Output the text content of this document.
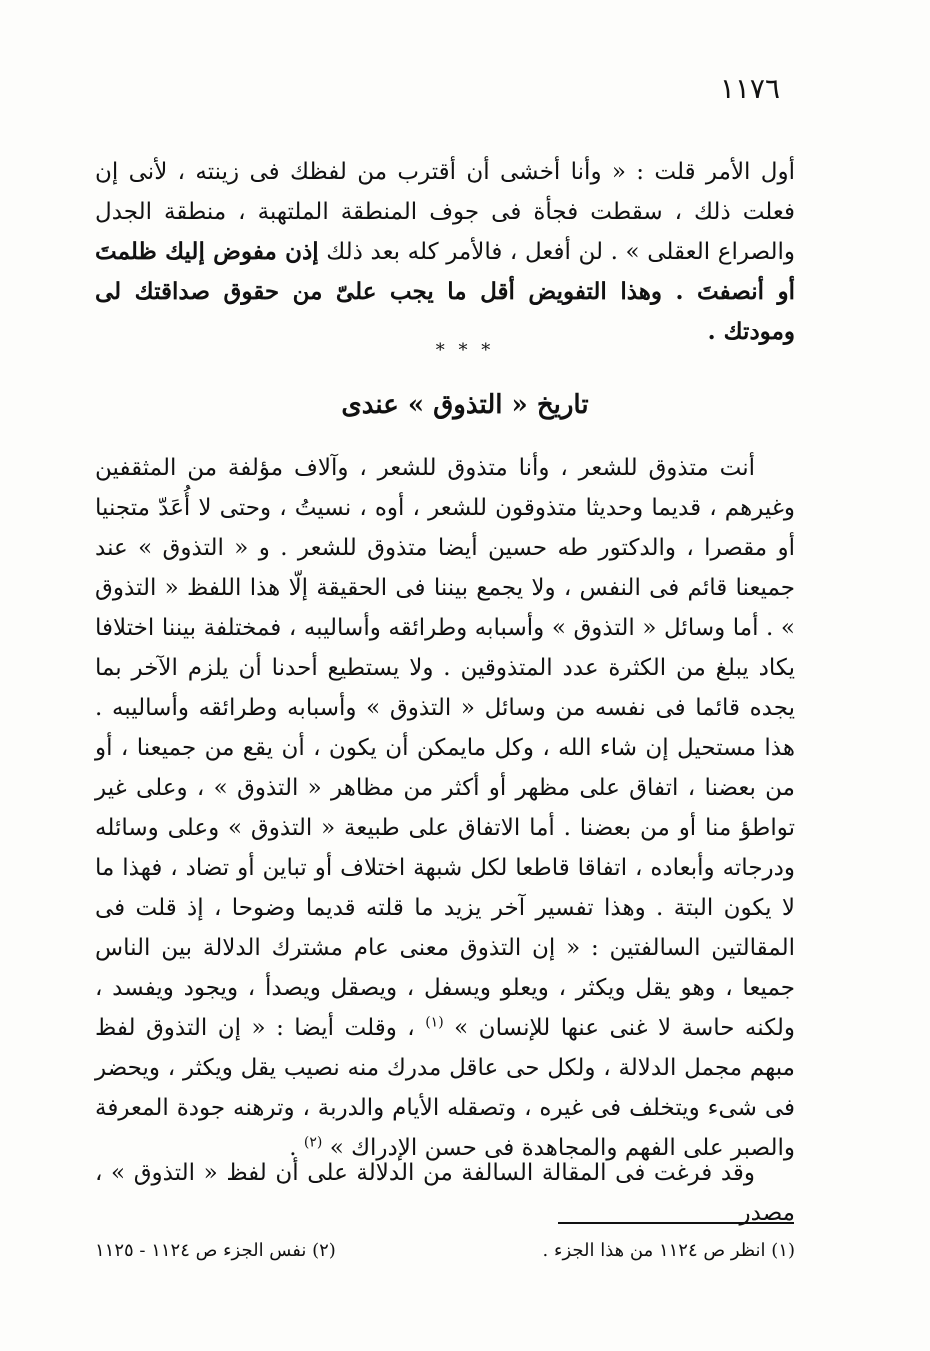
١١٧٦

أول الأمر قلت : « وأنا أخشى أن أقترب من لفظك فى زينته ، لأنى إن فعلت ذلك ، سقطت فجأة فى جوف المنطقة الملتهبة ، منطقة الجدل والصراع العقلى » . لن أفعل ، فالأمر كله بعد ذلك إذن مفوض إليك ظلمتَ أو أنصفتَ . وهذا التفويض أقل ما يجب علىّ من حقوق صداقتك لى ومودتك .

* * *
تاريخ « التذوق » عندى

أنت متذوق للشعر ، وأنا متذوق للشعر ، وآلاف مؤلفة من المثقفين وغيرهم ، قديما وحديثا متذوقون للشعر ، أوه ، نسيتُ ، وحتى لا أُعَدّ متجنيا أو مقصرا ، والدكتور طه حسين أيضا متذوق للشعر . و « التذوق » عند جميعنا قائم فى النفس ، ولا يجمع بيننا فى الحقيقة إلّا هذا اللفظ « التذوق » . أما وسائل « التذوق » وأسبابه وطرائقه وأساليبه ، فمختلفة بيننا اختلافا يكاد يبلغ من الكثرة عدد المتذوقين . ولا يستطيع أحدنا أن يلزم الآخر بما يجده قائما فى نفسه من وسائل « التذوق » وأسبابه وطرائقه وأساليبه . هذا مستحيل إن شاء الله ، وكل مايمكن أن يكون ، أن يقع من جميعنا ، أو من بعضنا ، اتفاق على مظهر أو أكثر من مظاهر « التذوق » ، وعلى غير تواطؤ منا أو من بعضنا . أما الاتفاق على طبيعة « التذوق » وعلى وسائله ودرجاته وأبعاده ، اتفاقا قاطعا لكل شبهة اختلاف أو تباين أو تضاد ، فهذا ما لا يكون البتة . وهذا تفسير آخر يزيد ما قلته قديما وضوحا ، إذ قلت فى المقالتين السالفتين : « إن التذوق معنى عام مشترك الدلالة بين الناس جميعا ، وهو يقل ويكثر ، ويعلو ويسفل ، ويصقل ويصدأ ، ويجود ويفسد ، ولكنه حاسة لا غنى عنها للإنسان » $^{(١)}$ ، وقلت أيضا : « إن التذوق لفظ مبهم مجمل الدلالة ، ولكل حى عاقل مدرك منه نصيب يقل ويكثر ، ويحضر فى شىء ويتخلف فى غيره ، وتصقله الأيام والدربة ، وترهنه جودة المعرفة والصبر على الفهم والمجاهدة فى حسن الإدراك » $^{(٢)}$ .

وقد فرغت فى المقالة السالفة من الدلالة على أن لفظ « التذوق » ، مصدر

(١) انظر ص ١١٢٤ من هذا الجزء .
(٢) نفس الجزء ص ١١٢٤ - ١١٢٥
